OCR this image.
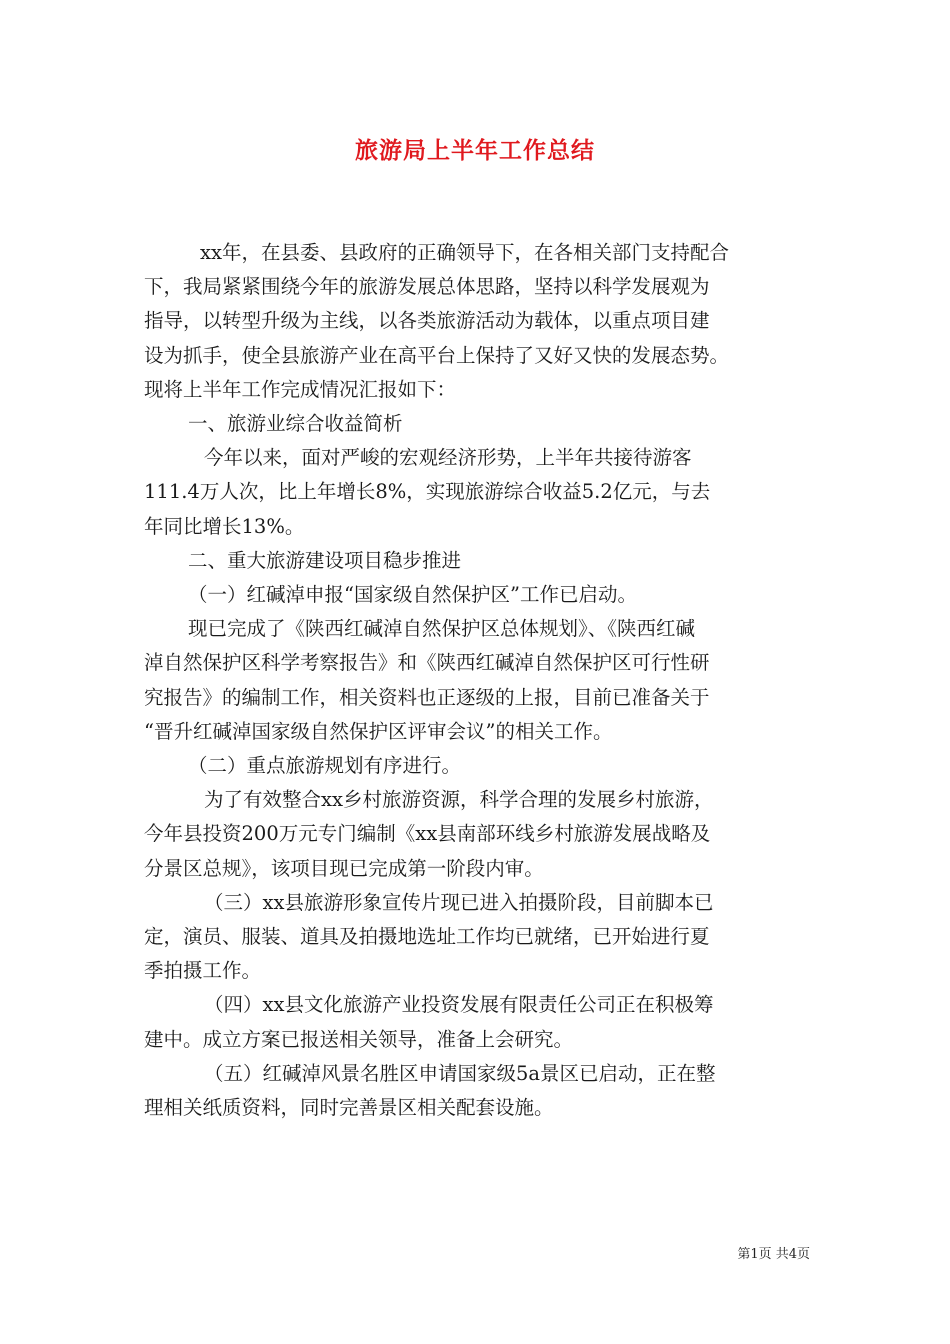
旅游局上半年工作总结

xx年，在县委、县政府的正确领导下，在各相关部门支持配合

下，我局紧紧围绕今年的旅游发展总体思路，坚持以科学发展观为

指导，以转型升级为主线，以各类旅游活动为载体，以重点项目建

设为抓手，使全县旅游产业在高平台上保持了又好又快的发展态势。

现将上半年工作完成情况汇报如下：

一、旅游业综合收益简析

今年以来，面对严峻的宏观经济形势，上半年共接待游客

111.4万人次，比上年增长8%，实现旅游综合收益5.2亿元，与去

年同比增长13%。

二、重大旅游建设项目稳步推进

（一）红碱淖申报“国家级自然保护区”工作已启动。

现已完成了《陕西红碱淖自然保护区总体规划》、《陕西红碱

淖自然保护区科学考察报告》和《陕西红碱淖自然保护区可行性研

究报告》的编制工作，相关资料也正逐级的上报，目前已准备关于

“晋升红碱淖国家级自然保护区评审会议”的相关工作。

（二）重点旅游规划有序进行。

为了有效整合xx乡村旅游资源，科学合理的发展乡村旅游，

今年县投资200万元专门编制《xx县南部环线乡村旅游发展战略及

分景区总规》，该项目现已完成第一阶段内审。

（三）xx县旅游形象宣传片现已进入拍摄阶段，目前脚本已

定，演员、服装、道具及拍摄地选址工作均已就绪，已开始进行夏

季拍摄工作。

（四）xx县文化旅游产业投资发展有限责任公司正在积极筹

建中。成立方案已报送相关领导，准备上会研究。

（五）红碱淖风景名胜区申请国家级5a景区已启动，正在整

理相关纸质资料，同时完善景区相关配套设施。

第1页 共4页
